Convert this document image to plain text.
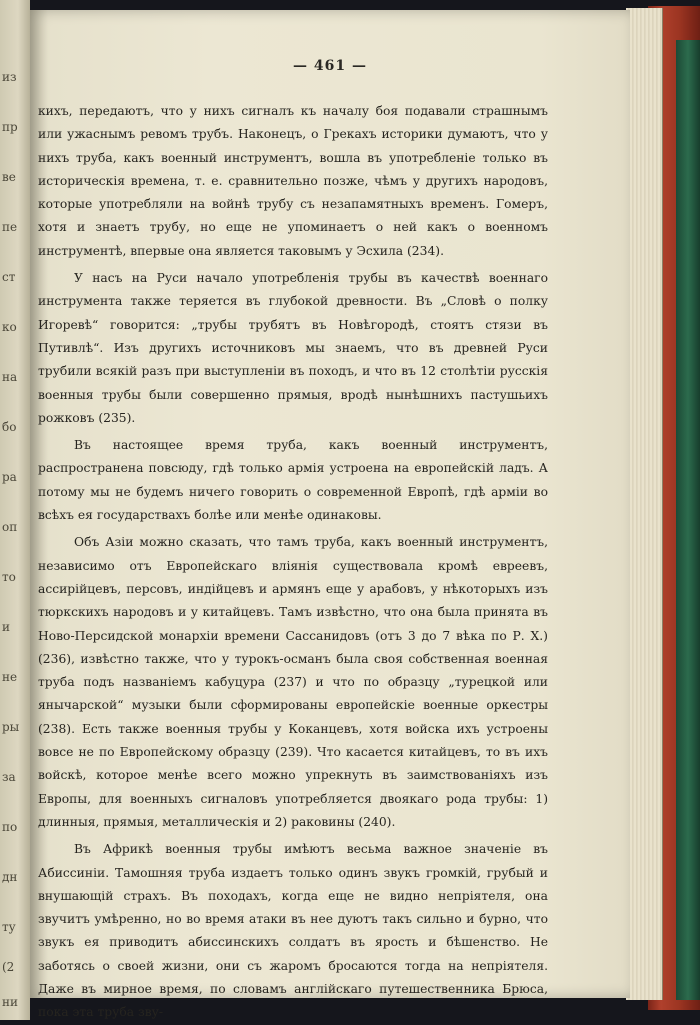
из
пр
ве
пе
ст
ко
на
бо
ра
оп
то
и
не
ры
за
по
дн
ту
(2
ни
— 461 —

кихъ, передаютъ, что у нихъ сигналъ къ началу боя подавали страшнымъ или ужаснымъ ревомъ трубъ. Наконецъ, о Грекахъ историки думаютъ, что у нихъ труба, какъ военный инструментъ, вошла въ употребленіе только въ историческія времена, т. е. сравнительно позже, чѣмъ у другихъ народовъ, которые употребляли на войнѣ трубу съ незапамятныхъ временъ. Гомеръ, хотя и знаетъ трубу, но еще не упоминаетъ о ней какъ о военномъ инструментѣ, впервые она является таковымъ у Эсхила (234).

У насъ на Руси начало употребленія трубы въ качествѣ военнаго инструмента также теряется въ глубокой древности. Въ „Словѣ о полку Игоревѣ“ говорится: „трубы трубятъ въ Новѣгородѣ, стоятъ стязи въ Путивлѣ“. Изъ другихъ источниковъ мы знаемъ, что въ древней Руси трубили всякій разъ при выступленіи въ походъ, и что въ 12 столѣтіи русскія военныя трубы были совершенно прямыя, вродѣ нынѣшнихъ пастушьихъ рожковъ (235).

Въ настоящее время труба, какъ военный инструментъ, распространена повсюду, гдѣ только армія устроена на европейскій ладъ. А потому мы не будемъ ничего говорить о современной Европѣ, гдѣ арміи во всѣхъ ея государствахъ болѣе или менѣе одинаковы.

Объ Азіи можно сказать, что тамъ труба, какъ военный инструментъ, независимо отъ Европейскаго вліянія существовала кромѣ евреевъ, ассирійцевъ, персовъ, индійцевъ и армянъ еще у арабовъ, у нѣкоторыхъ изъ тюркскихъ народовъ и у китайцевъ. Тамъ извѣстно, что она была принята въ Ново-Персидской монархіи времени Сассанидовъ (отъ 3 до 7 вѣка по Р. Х.) (236), извѣстно также, что у турокъ-османъ была своя собственная военная труба подъ названіемъ кабуцура (237) и что по образцу „турецкой или янычарской“ музыки были сформированы европейскіе военные оркестры (238). Есть также военныя трубы у Коканцевъ, хотя войска ихъ устроены вовсе не по Европейскому образцу (239). Что касается китайцевъ, то въ ихъ войскѣ, которое менѣе всего можно упрекнуть въ заимствованіяхъ изъ Европы, для военныхъ сигналовъ употребляется двоякаго рода трубы: 1) длинныя, прямыя, металлическія и 2) раковины (240).

Въ Африкѣ военныя трубы имѣютъ весьма важное значеніе въ Абиссиніи. Тамошняя труба издаетъ только одинъ звукъ громкій, грубый и внушающій страхъ. Въ походахъ, когда еще не видно непріятеля, она звучитъ умѣренно, но во время атаки въ нее дуютъ такъ сильно и бурно, что звукъ ея приводитъ абиссинскихъ солдатъ въ ярость и бѣшенство. Не заботясь о своей жизни, они съ жаромъ бросаются тогда на непріятеля. Даже въ мирное время, по словамъ англійскаго путешественника Брюса, пока эта труба зву-
